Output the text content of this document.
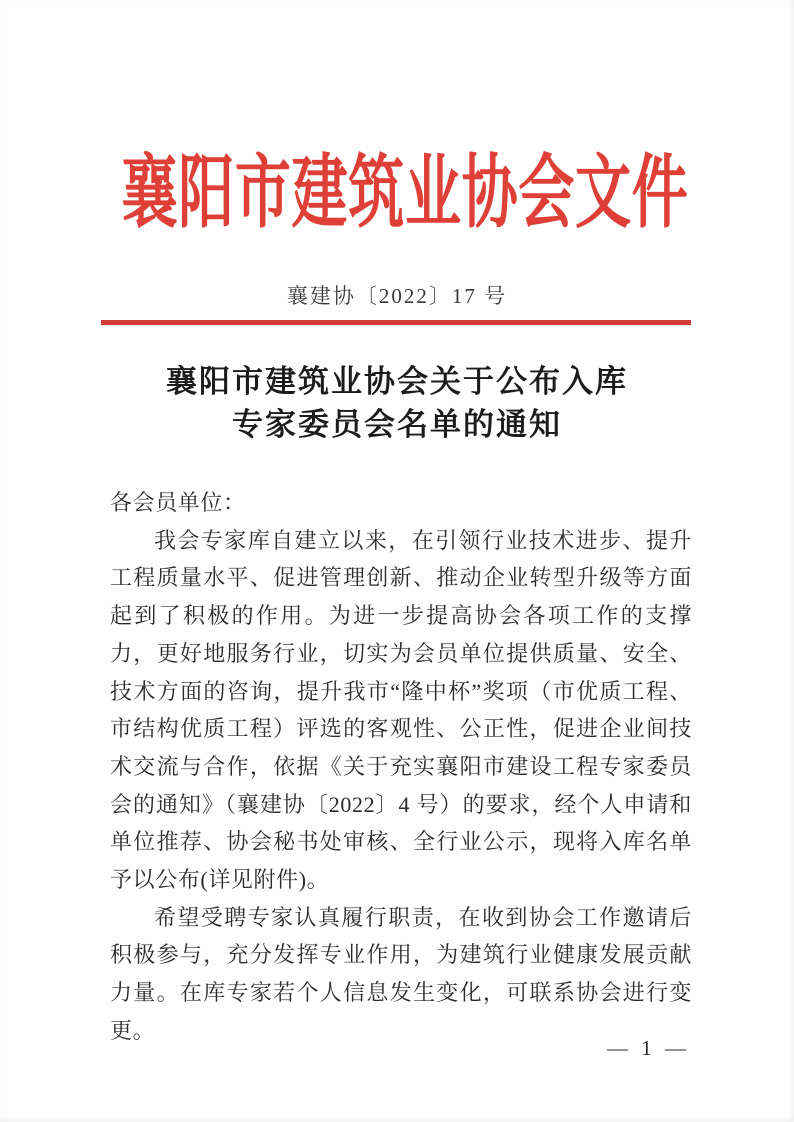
襄阳市建筑业协会文件
襄建协〔2022〕17 号
襄阳市建筑业协会关于公布入库
专家委员会名单的通知

各会员单位：

我会专家库自建立以来，在引领行业技术进步、提升工程质量水平、促进管理创新、推动企业转型升级等方面起到了积极的作用。为进一步提高协会各项工作的支撑力，更好地服务行业，切实为会员单位提供质量、安全、技术方面的咨询，提升我市“隆中杯”奖项（市优质工程、市结构优质工程）评选的客观性、公正性，促进企业间技术交流与合作，依据《关于充实襄阳市建设工程专家委员会的通知》（襄建协〔2022〕4 号）的要求，经个人申请和单位推荐、协会秘书处审核、全行业公示，现将入库名单予以公布(详见附件)。

希望受聘专家认真履行职责，在收到协会工作邀请后积极参与，充分发挥专业作用，为建筑行业健康发展贡献力量。在库专家若个人信息发生变化，可联系协会进行变更。

— 1 —
